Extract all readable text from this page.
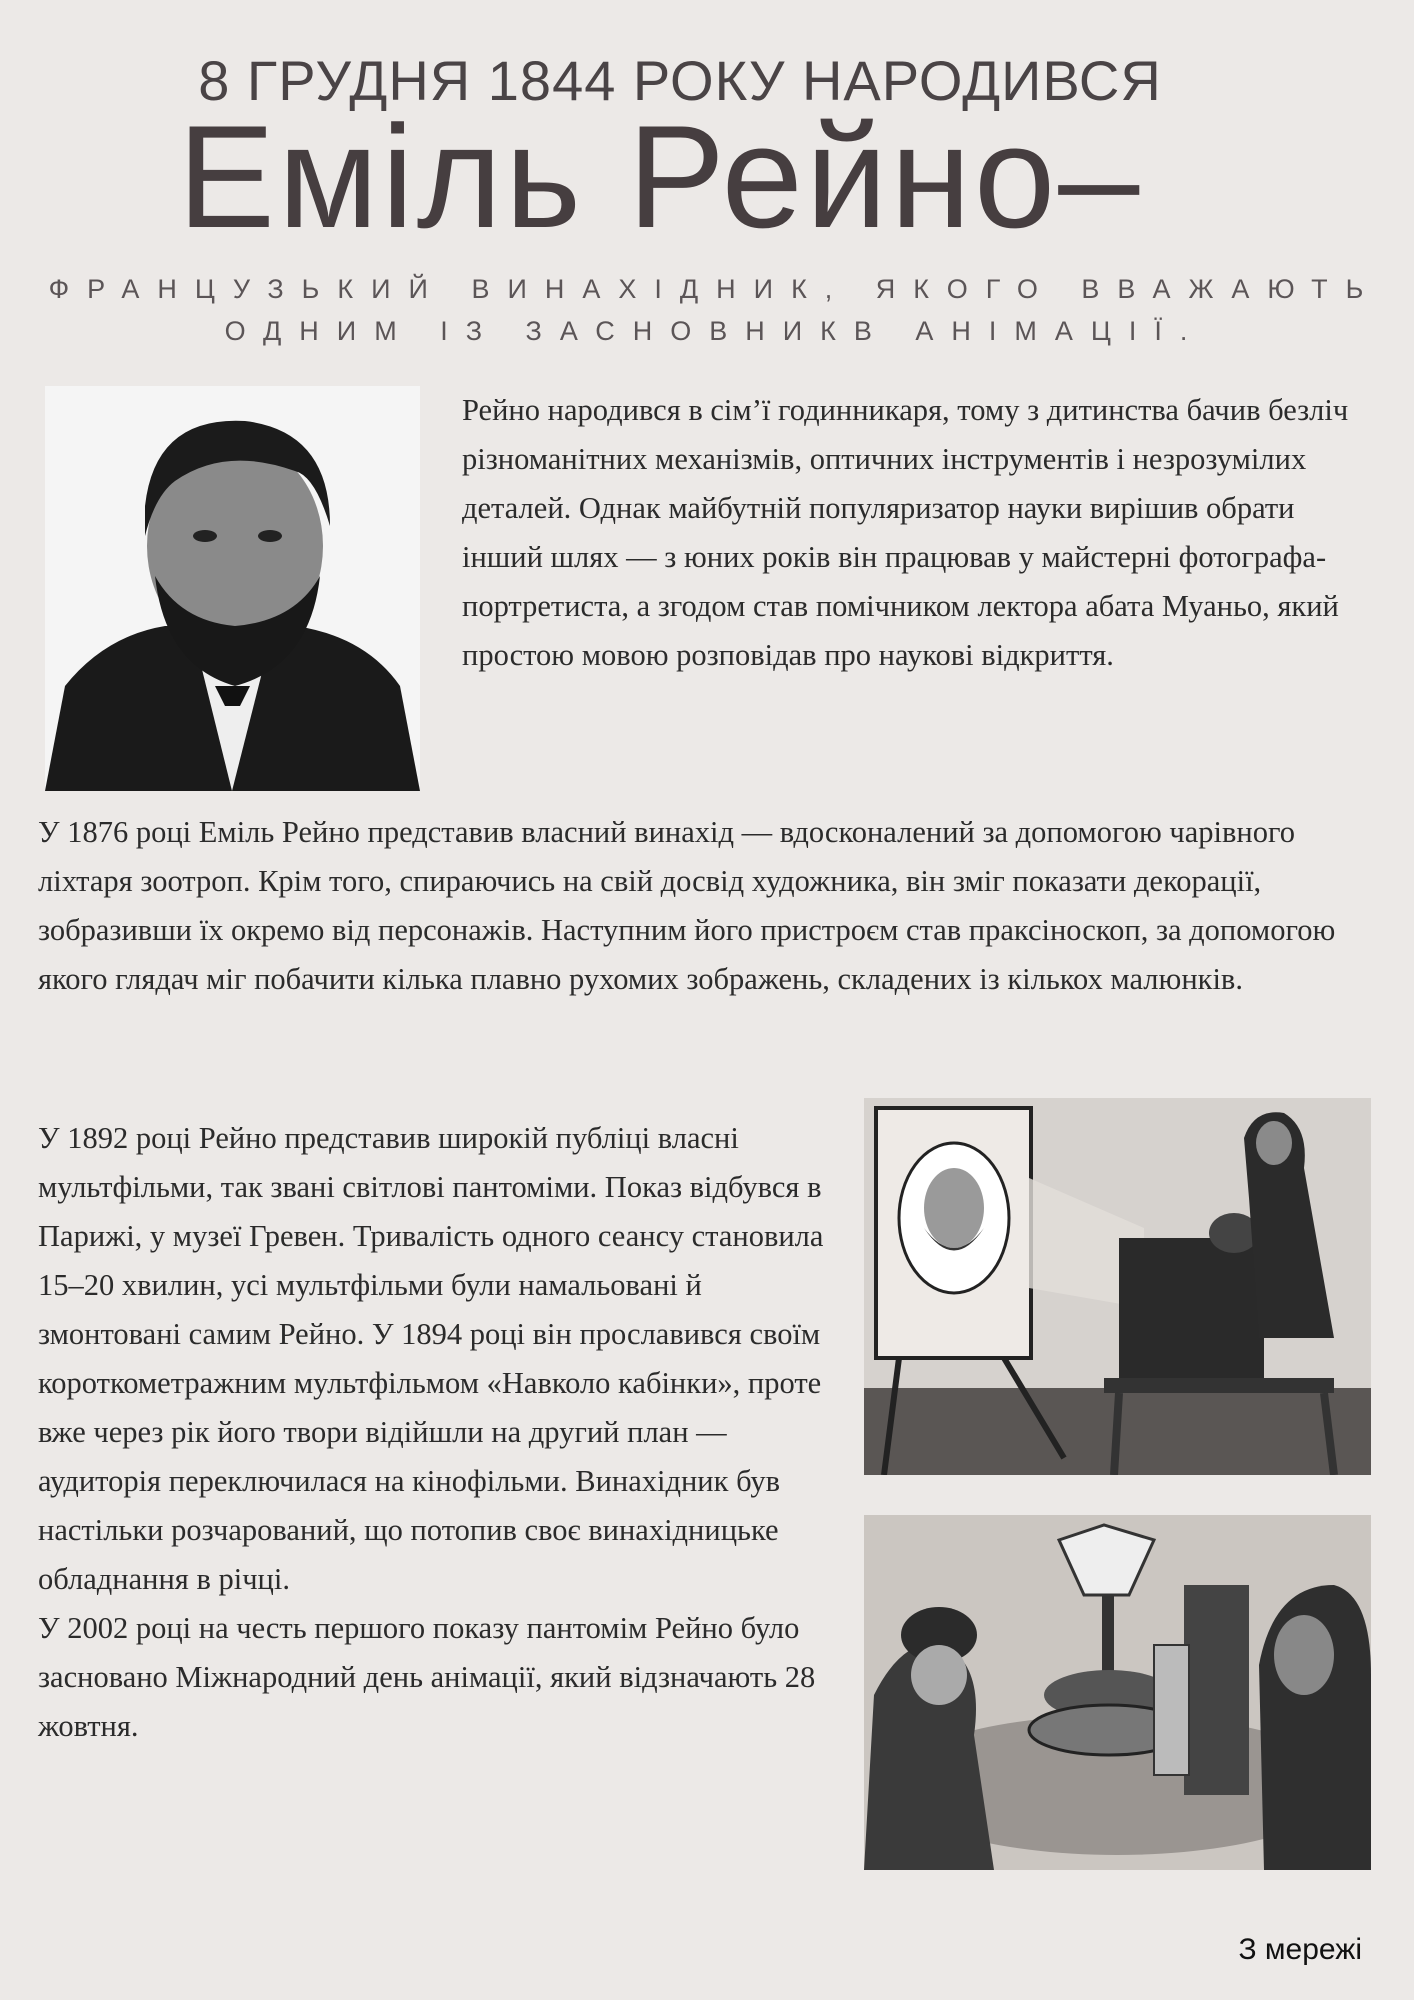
8 ГРУДНЯ 1844 РОКУ НАРОДИВСЯ
Еміль Рейно–
ФРАНЦУЗЬКИЙ ВИНАХІДНИК, ЯКОГО ВВАЖАЮТЬ ОДНИМ ІЗ ЗАСНОВНИКВ АНІМАЦІЇ.
Рейно народився в сім’ї годинникаря, тому з дитинства бачив безліч різноманітних механізмів, оптичних інструментів і незрозумілих деталей. Однак майбутній популяризатор науки вирішив обрати інший шлях — з юних років він працював у майстерні фотографа-портретиста, а згодом став помічником лектора абата Муаньо, який простою мовою розповідав про наукові відкриття.
У 1876 році Еміль Рейно представив власний винахід — вдосконалений за допомогою чарівного ліхтаря зоотроп. Крім того, спираючись на свій досвід художника, він зміг показати декорації, зобразивши їх окремо від персонажів. Наступним його пристроєм став праксіноскоп, за допомогою якого глядач міг побачити кілька плавно рухомих зображень, складених із кількох малюнків.
У 1892 році Рейно представив широкій публіці власні мультфільми, так звані світлові пантоміми. Показ відбувся в Парижі, у музеї Гревен. Тривалість одного сеансу становила 15–20 хвилин, усі мультфільми були намальовані й змонтовані самим Рейно. У 1894 році він прославився своїм короткометражним мультфільмом «Навколо кабінки», проте вже через рік його твори відійшли на другий план — аудиторія переключилася на кінофільми. Винахідник був настільки розчарований, що потопив своє винахідницьке обладнання в річці.
У 2002 році на честь першого показу пантомім Рейно було засновано Міжнародний день анімації, який відзначають 28 жовтня.
З мережі
